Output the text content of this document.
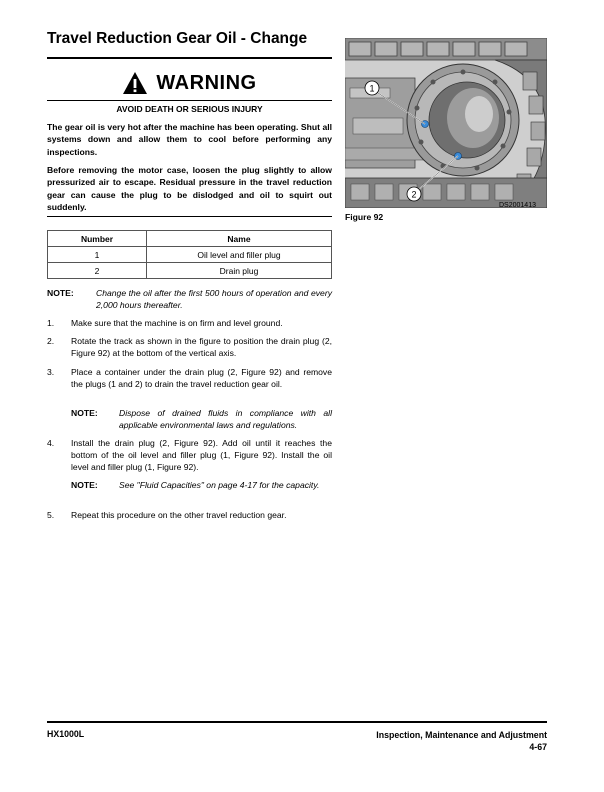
Travel Reduction Gear Oil - Change
WARNING
AVOID DEATH OR SERIOUS INJURY

The gear oil is very hot after the machine has been operating. Shut all systems down and allow them to cool before performing any inspections.

Before removing the motor case, loosen the plug slightly to allow pressurized air to escape. Residual pressure in the travel reduction gear can cause the plug to be dislodged and oil to squirt out suddenly.

Number	Name
1	Oil level and filler plug
2	Drain plug
NOTE:	Change the oil after the first 500 hours of operation and every 2,000 hours thereafter.
1.	Make sure that the machine is on firm and level ground.
2.	Rotate the track as shown in the figure to position the drain plug (2, Figure 92) at the bottom of the vertical axis.
3.	Place a container under the drain plug (2, Figure 92) and remove the plugs (1 and 2) to drain the travel reduction gear oil.
NOTE:	Dispose of drained fluids in compliance with all applicable environmental laws and regulations.
4.	Install the drain plug (2, Figure 92). Add oil until it reaches the bottom of the oil level and filler plug (1, Figure 92). Install the oil level and filler plug (1, Figure 92).
NOTE:	See "Fluid Capacities" on page 4-17 for the capacity.
5.	Repeat this procedure on the other travel reduction gear.
1
2
DS2001413
Figure 92
HX1000L	Inspection, Maintenance and Adjustment
4-67
